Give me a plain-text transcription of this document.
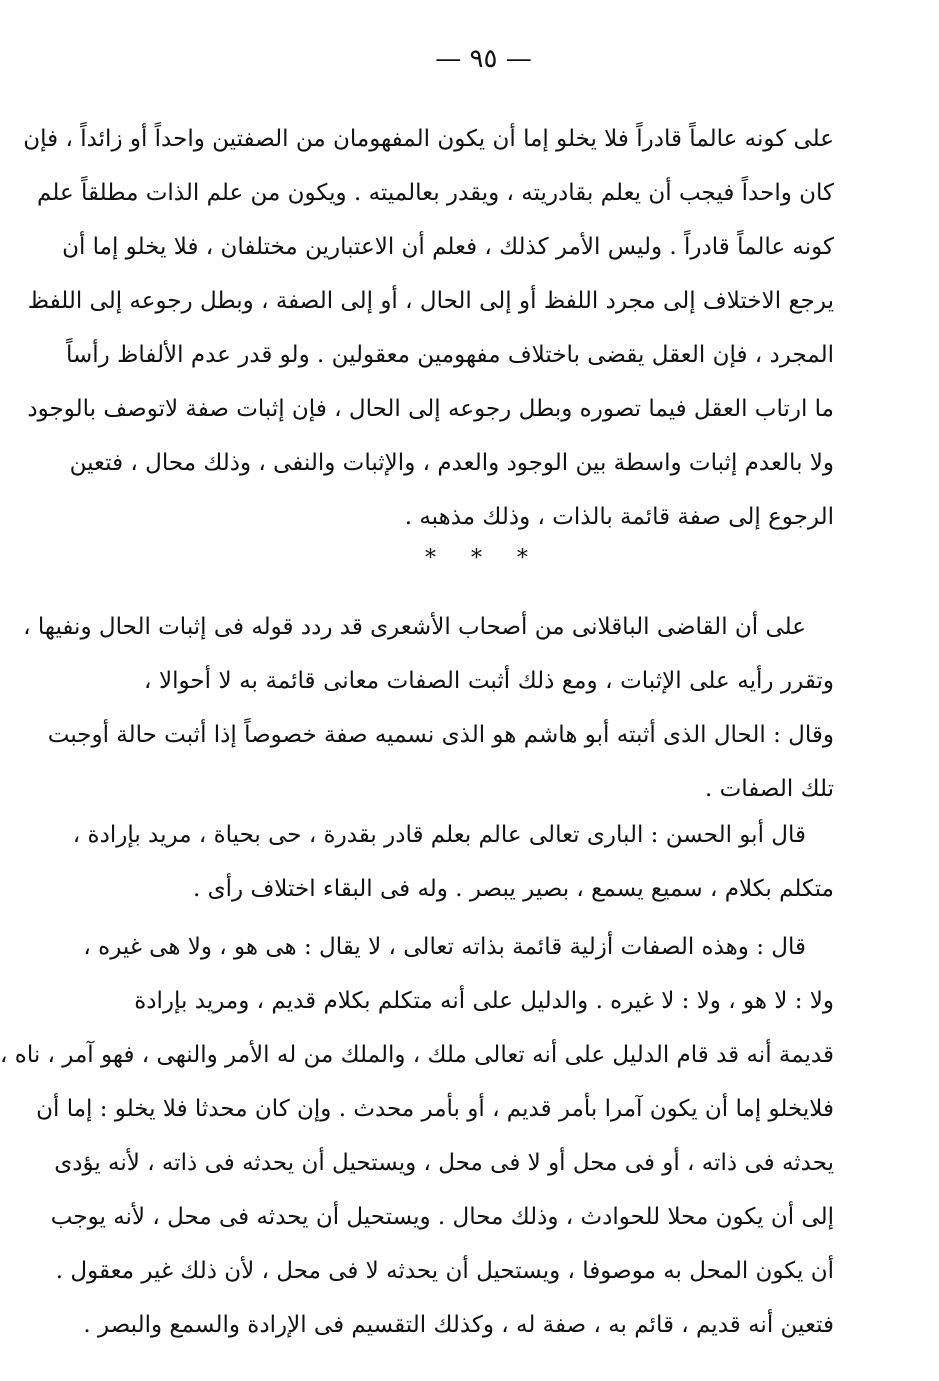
— ٩٥ —
على كونه عالماً قادراً فلا يخلو إما أن يكون المفهومان من الصفتين واحداً أو زائداً ، فإن
كان واحداً فيجب أن يعلم بقادريته ، ويقدر بعالميته . ويكون من علم الذات مطلقاً علم
كونه عالماً قادراً . وليس الأمر كذلك ، فعلم أن الاعتبارين مختلفان ، فلا يخلو إما أن
يرجع الاختلاف إلى مجرد اللفظ أو إلى الحال ، أو إلى الصفة ، وبطل رجوعه إلى اللفظ
المجرد ، فإن العقل يقضى باختلاف مفهومين معقولين . ولو قدر عدم الألفاظ رأساً
ما ارتاب العقل فيما تصوره وبطل رجوعه إلى الحال ، فإن إثبات صفة لاتوصف بالوجود
ولا بالعدم إثبات واسطة بين الوجود والعدم ، والإثبات والنفى ، وذلك محال ، فتعين
الرجوع إلى صفة قائمة بالذات ، وذلك مذهبه .
* * *
على أن القاضى الباقلانى من أصحاب الأشعرى قد ردد قوله فى إثبات الحال ونفيها ،
وتقرر رأيه على الإثبات ، ومع ذلك أثبت الصفات معانى قائمة به لا أحوالا ،
وقال : الحال الذى أثبته أبو هاشم هو الذى نسميه صفة خصوصاً إذا أثبت حالة أوجبت
تلك الصفات .
قال أبو الحسن : البارى تعالى عالم بعلم قادر بقدرة ، حى بحياة ، مريد بإرادة ،
متكلم بكلام ، سميع يسمع ، بصير يبصر . وله فى البقاء اختلاف رأى .
قال : وهذه الصفات أزلية قائمة بذاته تعالى ، لا يقال : هى هو ، ولا هى غيره ،
ولا : لا هو ، ولا : لا غيره . والدليل على أنه متكلم بكلام قديم ، ومريد بإرادة
قديمة أنه قد قام الدليل على أنه تعالى ملك ، والملك من له الأمر والنهى ، فهو آمر ، ناه ،
فلايخلو إما أن يكون آمرا بأمر قديم ، أو بأمر محدث . وإن كان محدثا فلا يخلو : إما أن
يحدثه فى ذاته ، أو فى محل أو لا فى محل ، ويستحيل أن يحدثه فى ذاته ، لأنه يؤدى
إلى أن يكون محلا للحوادث ، وذلك محال . ويستحيل أن يحدثه فى محل ، لأنه يوجب
أن يكون المحل به موصوفا ، ويستحيل أن يحدثه لا فى محل ، لأن ذلك غير معقول .
فتعين أنه قديم ، قائم به ، صفة له ، وكذلك التقسيم فى الإرادة والسمع والبصر .
